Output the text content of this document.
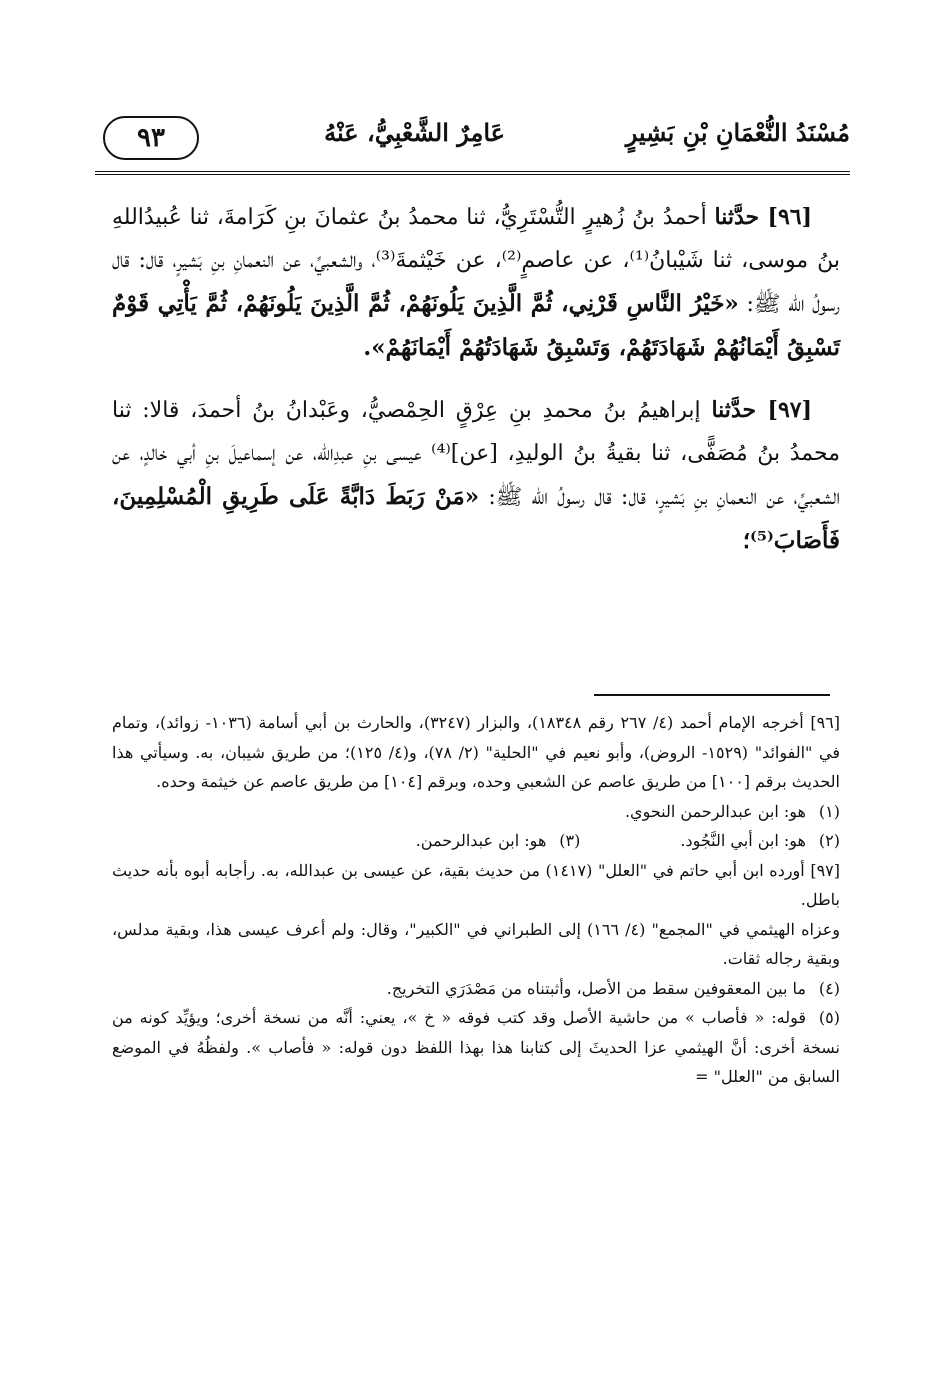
مُسْنَدُ النُّعْمَانِ بْنِ بَشِيرٍ
عَامِرٌ الشَّعْبِيُّ، عَنْهُ
٩٣

[٩٦] حدَّثنا أحمدُ بنُ زُهيرٍ التُّسْتَرِيُّ، ثنا محمدُ بنُ عثمانَ بنِ كَرَامةَ، ثنا عُبيدُاللهِ بنُ موسى، ثنا شَيْبانُ⁽¹⁾، عن عاصمٍ⁽²⁾، عن خَيْثمةَ⁽³⁾، والشعبيِّ، عن النعمانِ بنِ بَشيرٍ، قال: قال رسولُ الله ﷺ: «خَيْرُ النَّاسِ قَرْنِي، ثُمَّ الَّذِينَ يَلُونَهُمْ، ثُمَّ الَّذِينَ يَلُونَهُمْ، ثُمَّ يَأْتِي قَوْمٌ تَسْبِقُ أَيْمَانُهُمْ شَهَادَتَهُمْ، وَتَسْبِقُ شَهَادَتُهُمْ أَيْمَانَهُمْ».

[٩٧] حدَّثنا إبراهيمُ بنُ محمدِ بنِ عِرْقٍ الحِمْصيُّ، وعَبْدانُ بنُ أحمدَ، قالا: ثنا محمدُ بنُ مُصَفًّى، ثنا بقيةُ بنُ الوليدِ، [عن]⁽⁴⁾ عيسى بنِ عبدِالله، عن إسماعيلَ بنِ أبي خالدٍ، عن الشعبيِّ، عن النعمانِ بنِ بَشيرٍ، قال: قال رسولُ الله ﷺ: «مَنْ رَبَطَ دَابَّةً عَلَى طَرِيقِ الْمُسْلِمِينَ، فَأَصَابَ⁽⁵⁾؛

[٩٦] أخرجه الإمام أحمد (٤/ ٢٦٧ رقم ١٨٣٤٨)، والبزار (٣٢٤٧)، والحارث بن أبي أسامة (١٠٣٦- زوائد)، وتمام في "الفوائد" (١٥٢٩- الروض)، وأبو نعيم في "الحلية" (٢/ ٧٨)، و(٤/ ١٢٥)؛ من طريق شيبان، به. وسيأتي هذا الحديث برقم [١٠٠] من طريق عاصم عن الشعبي وحده، وبرقم [١٠٤] من طريق عاصم عن خيثمة وحده.

(١)هو: ابن عبدالرحمن النحوي.

(٢)هو: ابن أبي النَّجُود.

(٣)هو: ابن عبدالرحمن.

[٩٧] أورده ابن أبي حاتم في "العلل" (١٤١٧) من حديث بقية، عن عيسى بن عبدالله، به. رأجابه أبوه بأنه حديث باطل.

وعزاه الهيثمي في "المجمع" (٤/ ١٦٦) إلى الطبراني في "الكبير"، وقال: ولم أعرف عيسى هذا، وبقية مدلس، وبقية رجاله ثقات.

(٤)ما بين المعقوفين سقط من الأصل، وأثبتناه من مَصْدَرَي التخريج.

(٥)قوله: « فأصاب » من حاشية الأصل وقد كتب فوقه « خ »، يعني: أنَّه من نسخة أخرى؛ ويؤيِّد كونه من نسخة أخرى: أنَّ الهيثمي عزا الحديثَ إلى كتابنا هذا بهذا اللفظ دون قوله: « فأصاب ». ولفظُهُ في الموضع السابق من "العلل" =
